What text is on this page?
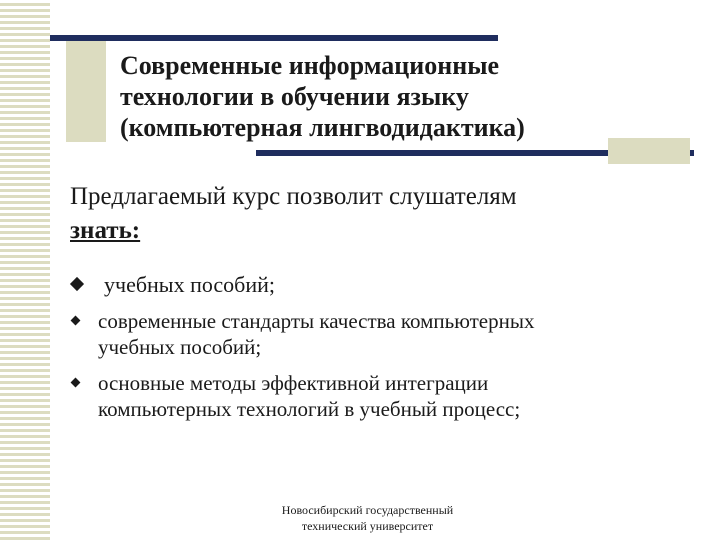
Современные информационные
технологии в обучении языку
(компьютерная лингводидактика)
Предлагаемый курс позволит слушателям
знать:
учебных пособий;
современные стандарты качества компьютерных
учебных пособий;
основные методы эффективной интеграции
компьютерных технологий в учебный процесс;
Новосибирский государственный
технический университет
